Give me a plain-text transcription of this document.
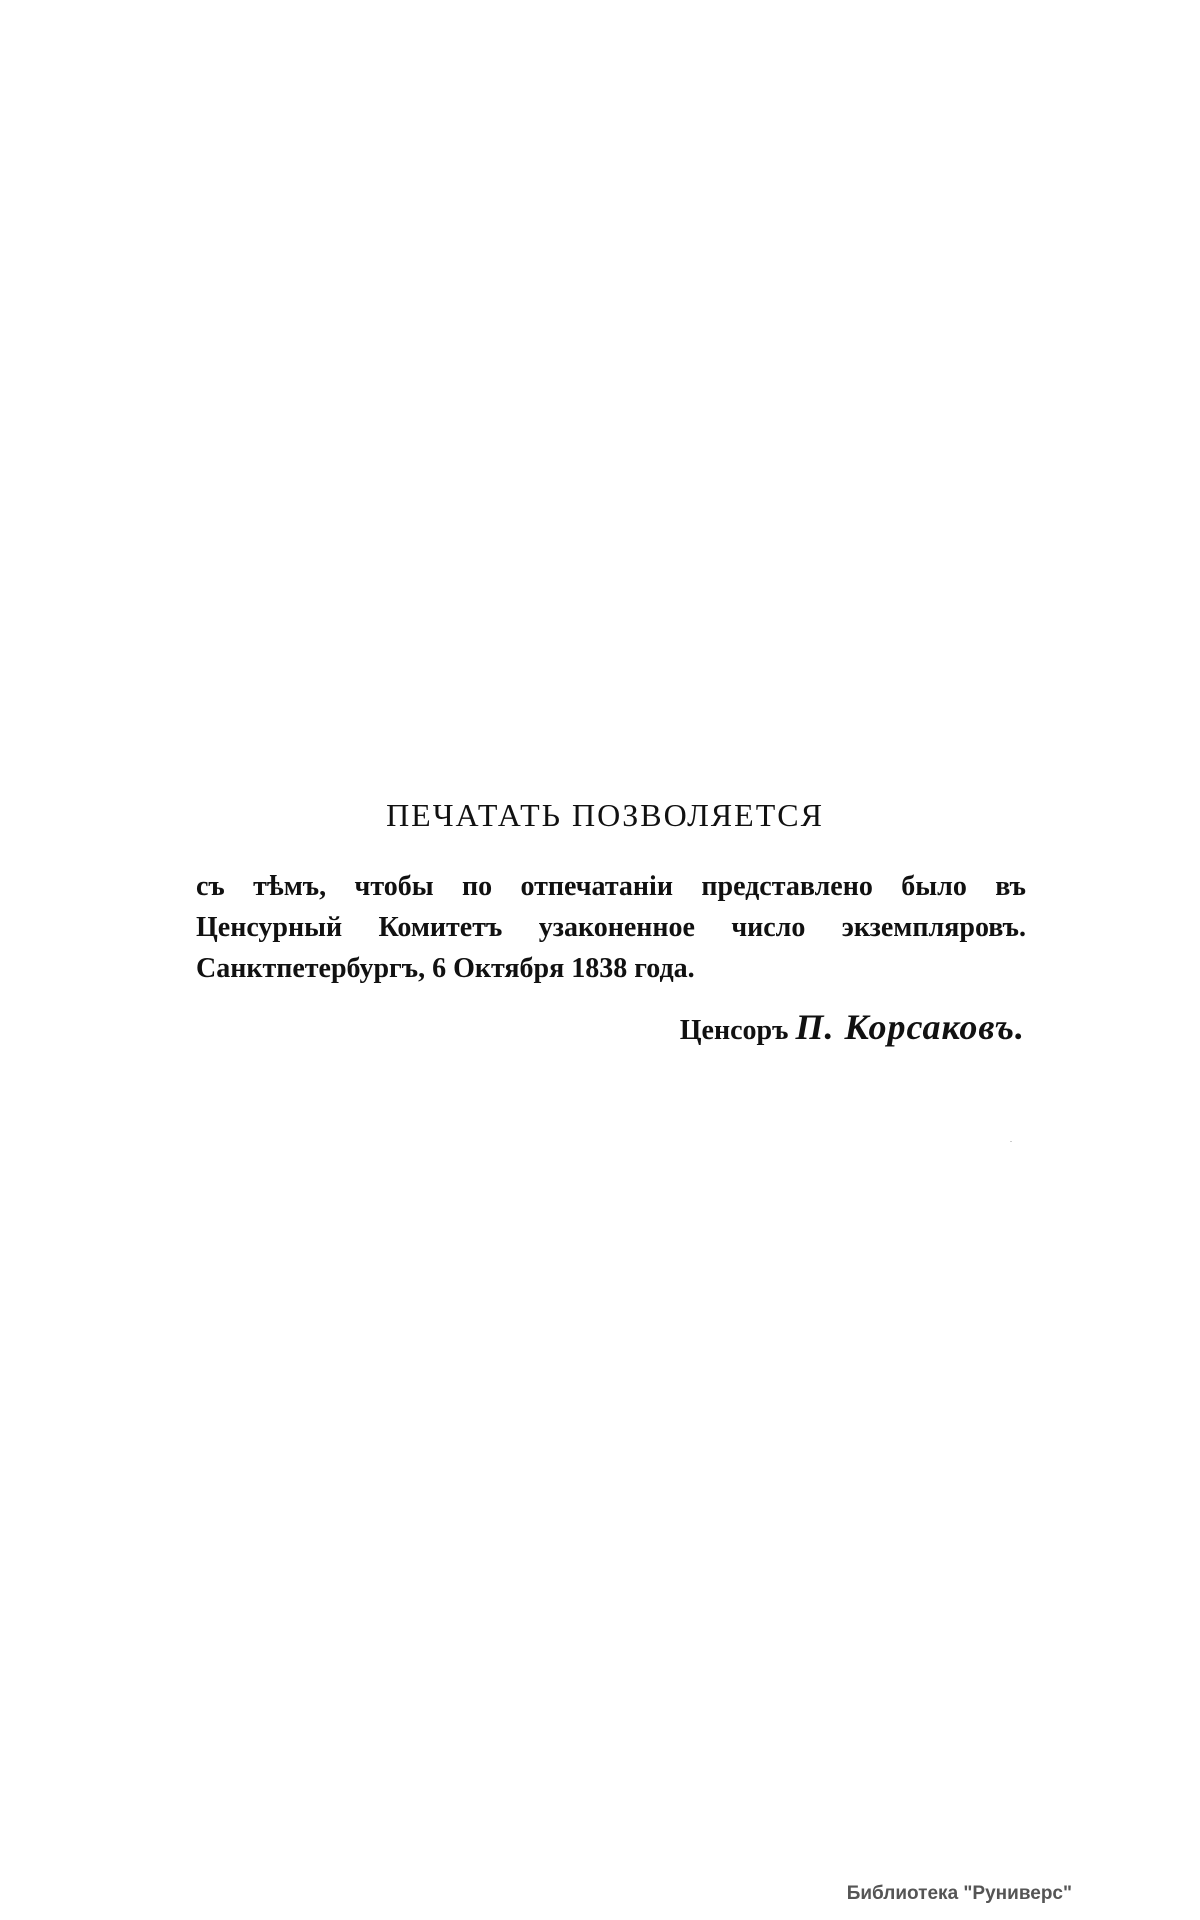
ПЕЧАТАТЬ ПОЗВОЛЯЕТСЯ
съ тѣмъ, чтобы по отпечатаніи представлено было въ
Ценсурный Комитетъ узаконенное число экземпляровъ.
Санктпетербургъ, 6 Октября 1838 года.
Ценсоръ П. Корсаковъ.
Библиотека "Руниверс"
